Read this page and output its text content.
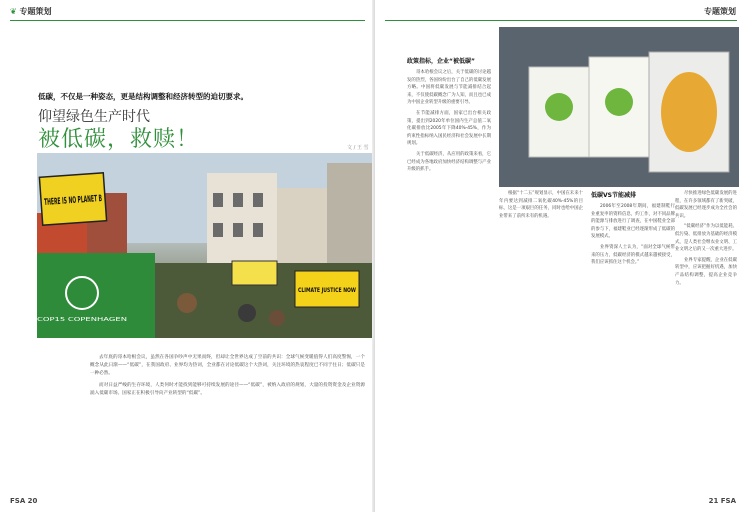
❦ 专题策划
低碳，不仅是一种姿态，更是结构调整和经济转型的迫切要求。
仰望绿色生产时代
被低碳，救赎！	文 / 王 雪
COP15 COPENHAGEN
CLIMATE JUSTICE NOW

去年底的哥本哈根会议，虽然在各国争吵声中无果而终，但却让全世界达成了空前的共识：全球气候变暖值得人们高度警惕，一个概念从此日渐——“低碳”，在我国政府、业界均为热词，全业都在讨论低碳这个大热词，关注环境的热衷程度已不同于往日；低碳只是一种必然。

而对日益严峻的生存环境，人类何时才能找到能够可持续发展的途径——“低碳”，被纳入政府的规划，大量的投资资金及企业资源涌入低碳市场。国家正在积极引导向产业转型的“低碳”。

FSA 20
专题策划
政策指标，企业“被低碳”

哥本哈根会议之后，关于低碳的讨论越发的热烈，各国纷纷出台了自己的低碳发展方略。中国将低碳发展与节能减排结合起来，不仅使低碳概念广为人知，而且也已成为中国企业转型升级的重要引导。

在节能减排方面，国家已出台相关政策，提出到2020年单位国内生产总值二氧化碳排放比2005年下降40%-45%，作为约束性指标纳入国民经济和社会发展中长期规划。

关于低碳经济，从应用的政策来看，它已经成为各地政府加快经济结构调整与产业升级的抓手。

根据“十二五”规划显示，中国在未来十年内要达到减排二氧化碳40%-45%的目标，这是一项艰巨的任务，同时也给中国企业带来了前所未有的机遇。

低碳VS节能减排

2006年至2008年期间，福建制鞋行业重复申的资料信息，约工作，对不同品牌的能源与排放进行了调查，在中国鞋业全部的参与下，福建鞋业已经逐渐形成了低碳的发展模式。

业界资深人士认为，“面对全球气候带来的压力，低碳经济的模式越来越被接受，我们应该抓住这个机会。”

尽快推进绿色低碳发展的进程，在许多领域都有了新突破，低碳发展已经逐步成为全社会的共识。

“低碳经济”作为以低能耗、低污染、低排放为基础的经济模式，是人类社会继农业文明、工业文明之后的又一次重大进步。

业界专家提醒，企业在低碳转型中，应该把握好机遇，加快产品结构调整，提高企业竞争力。

21 FSA
